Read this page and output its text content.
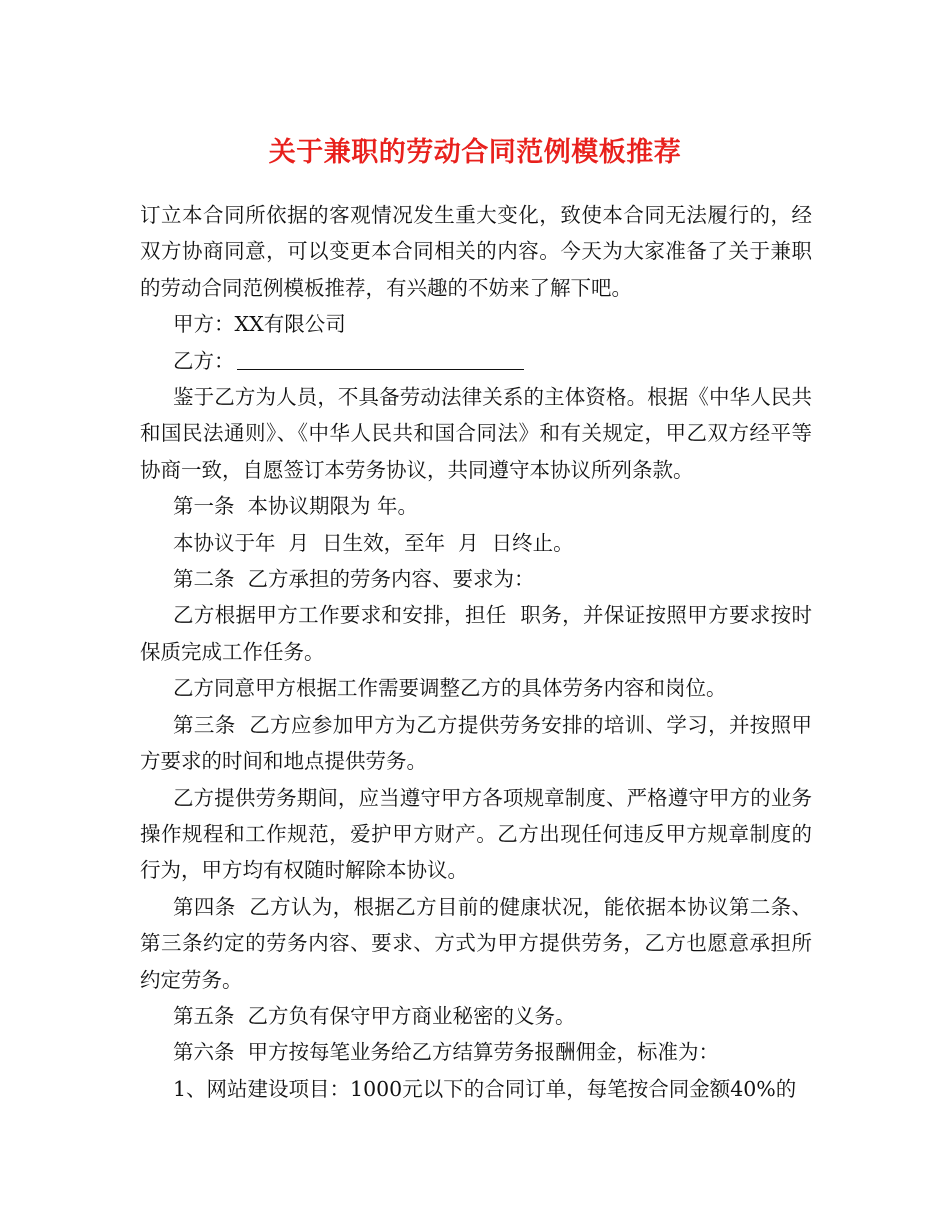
关于兼职的劳动合同范例模板推荐

订立本合同所依据的客观情况发生重大变化，致使本合同无法履行的，经双方协商同意，可以变更本合同相关的内容。今天为大家准备了关于兼职的劳动合同范例模板推荐，有兴趣的不妨来了解下吧。

甲方：XX有限公司

乙方：

鉴于乙方为人员，不具备劳动法律关系的主体资格。根据《中华人民共和国民法通则》、《中华人民共和国合同法》和有关规定，甲乙双方经平等协商一致，自愿签订本劳务协议，共同遵守本协议所列条款。

第一条  本协议期限为 年。

本协议于年  月  日生效，至年  月  日终止。

第二条  乙方承担的劳务内容、要求为：

乙方根据甲方工作要求和安排，担任  职务，并保证按照甲方要求按时保质完成工作任务。

乙方同意甲方根据工作需要调整乙方的具体劳务内容和岗位。

第三条  乙方应参加甲方为乙方提供劳务安排的培训、学习，并按照甲方要求的时间和地点提供劳务。

乙方提供劳务期间，应当遵守甲方各项规章制度、严格遵守甲方的业务操作规程和工作规范，爱护甲方财产。乙方出现任何违反甲方规章制度的行为，甲方均有权随时解除本协议。

第四条  乙方认为，根据乙方目前的健康状况，能依据本协议第二条、第三条约定的劳务内容、要求、方式为甲方提供劳务，乙方也愿意承担所约定劳务。

第五条  乙方负有保守甲方商业秘密的义务。

第六条  甲方按每笔业务给乙方结算劳务报酬佣金，标准为：

1、网站建设项目：1000元以下的合同订单，每笔按合同金额40%的
